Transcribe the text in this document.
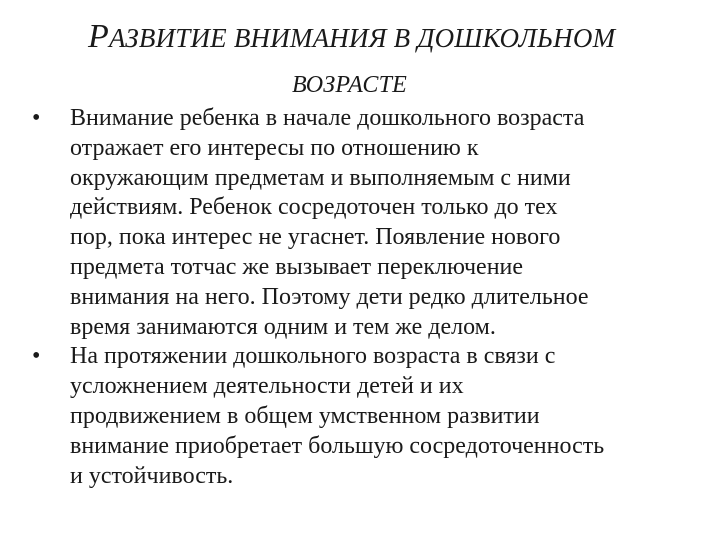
РАЗВИТИЕ ВНИМАНИЯ В ДОШКОЛЬНОМ
ВОЗРАСТЕ
• Внимание ребенка в начале дошкольного возраста
отражает его интересы по отношению к
окружающим предметам и выполняемым с ними
действиям. Ребенок сосредоточен только до тех
пор, пока интерес не угаснет. Появление нового
предмета тотчас же вызывает переключение
внимания на него. Поэтому дети редко длительное
время занимаются одним и тем же делом.
• На протяжении дошкольного возраста в связи с
усложнением деятельности детей и их
продвижением в общем умственном развитии
внимание приобретает большую сосредоточенность
и устойчивость.
